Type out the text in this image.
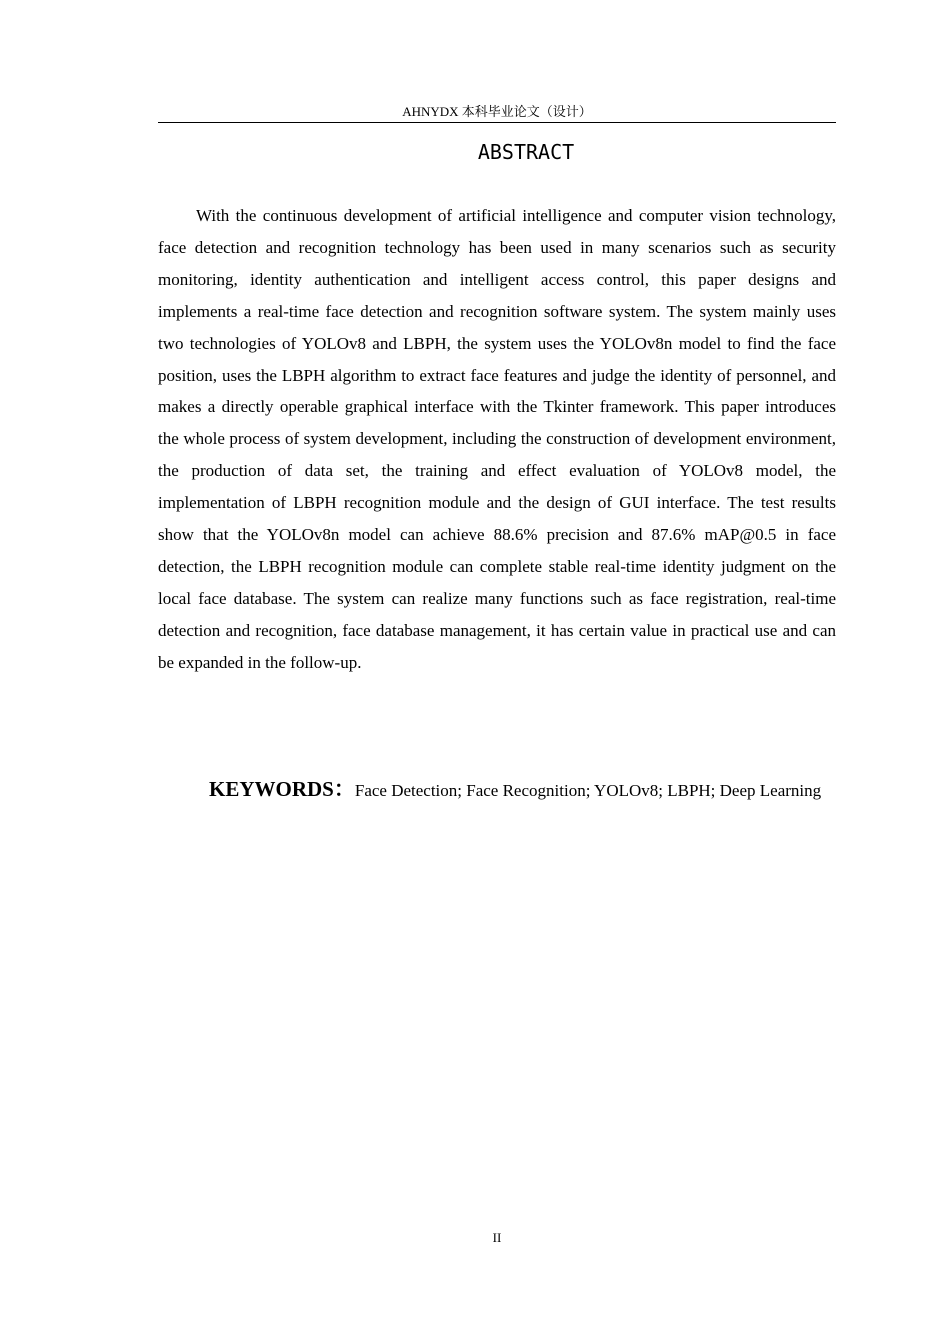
AHNYDX 本科毕业论文（设计）
ABSTRACT

With the continuous development of artificial intelligence and computer vision technology, face detection and recognition technology has been used in many scenarios such as security monitoring, identity authentication and intelligent access control, this paper designs and implements a real-time face detection and recognition software system. The system mainly uses two technologies of YOLOv8 and LBPH, the system uses the YOLOv8n model to find the face position, uses the LBPH algorithm to extract face features and judge the identity of personnel, and makes a directly operable graphical interface with the Tkinter framework. This paper introduces the whole process of system development, including the construction of development environment, the production of data set, the training and effect evaluation of YOLOv8 model, the implementation of LBPH recognition module and the design of GUI interface. The test results show that the YOLOv8n model can achieve 88.6% precision and 87.6% mAP@0.5 in face detection, the LBPH recognition module can complete stable real-time identity judgment on the local face database. The system can realize many functions such as face registration, real-time detection and recognition, face database management, it has certain value in practical use and can be expanded in the follow-up.

KEYWORDS：Face Detection; Face Recognition; YOLOv8; LBPH; Deep Learning

II
